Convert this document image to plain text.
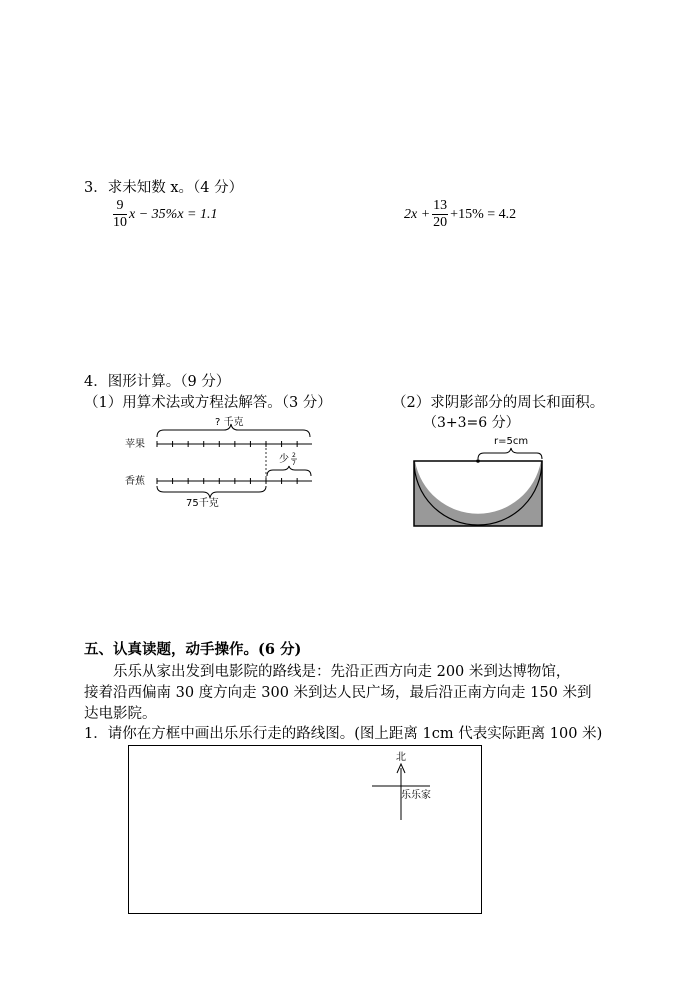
3．求未知数 x。（4 分）
$\frac{9}{10}$ x − 35%x = 1.1	$2x + \frac{13}{20} +15\% = 4.2$
4．图形计算。（9 分）
（1）用算术法或方程法解答。（3 分）	（2）求阴影部分的周长和面积。
（3+3=6 分）
? 千克
苹果
少 2
7
香蕉
75千克
r=5cm
五、认真读题，动手操作。(6 分)
乐乐从家出发到电影院的路线是：先沿正西方向走 200 米到达博物馆，
接着沿西偏南 30 度方向走 300 米到达人民广场，最后沿正南方向走 150 米到
达电影院。
1．请你在方框中画出乐乐行走的路线图。(图上距离 1cm 代表实际距离 100 米)
北
乐乐家
